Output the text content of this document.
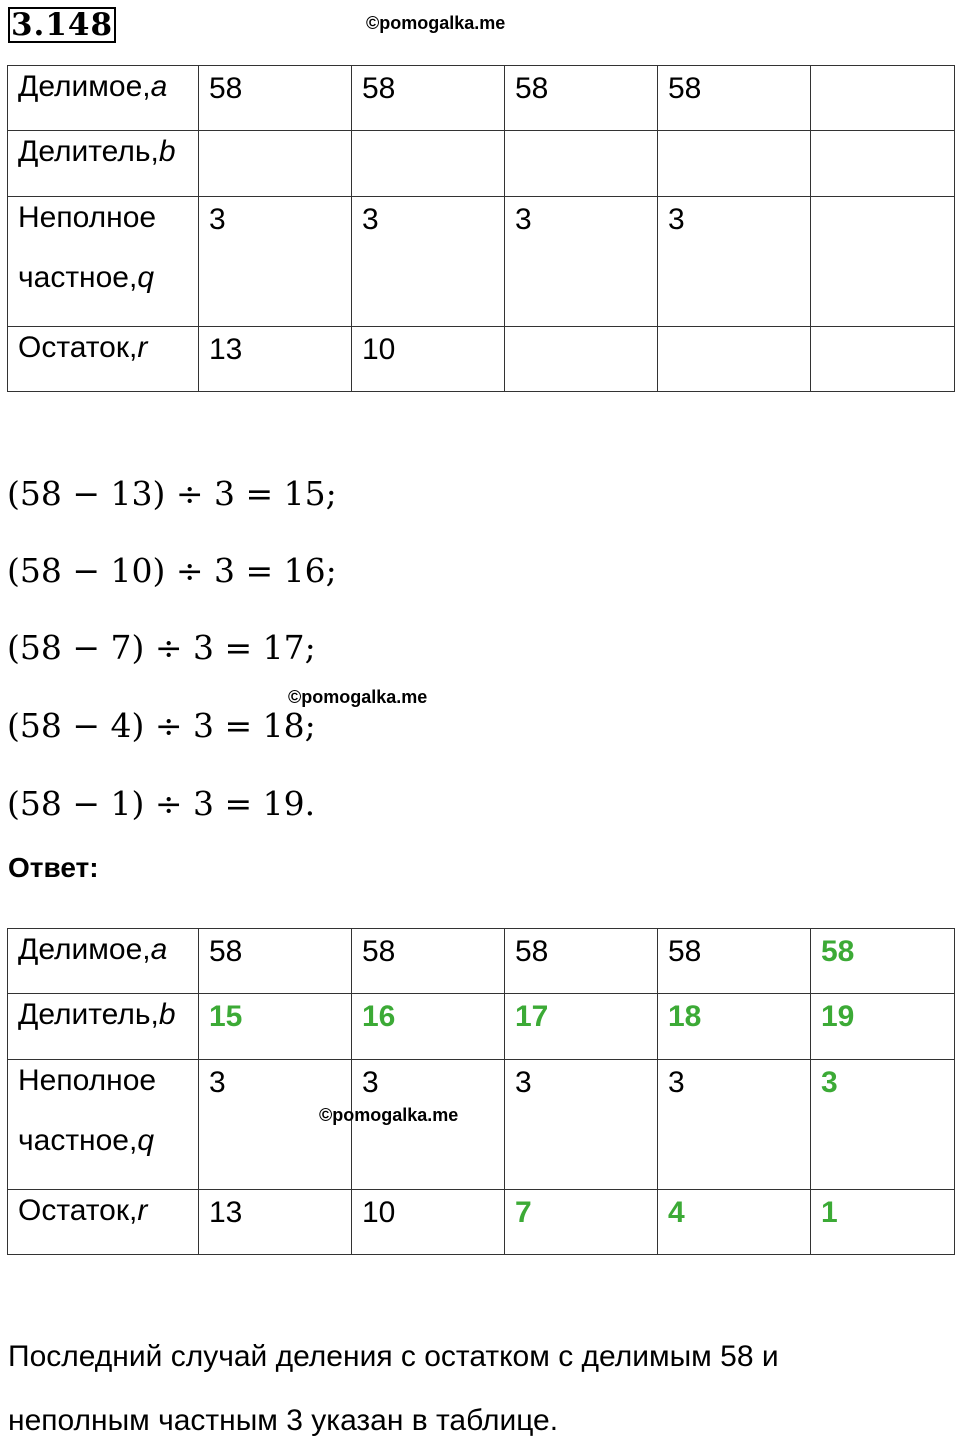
3.148	©pomogalka.me
Делимое,a	58	58	58	58	
Делитель,b					
Неполное
частное,q	3	3	3	3	
Остаток,r	13	10			
(58 − 13) ÷ 3 = 15;
(58 − 10) ÷ 3 = 16;
(58 − 7) ÷ 3 = 17;
©pomogalka.me
(58 − 4) ÷ 3 = 18;
(58 − 1) ÷ 3 = 19.
Ответ:
Делимое,a	58	58	58	58	58
Делитель,b	15	16	17	18	19
Неполное
частное,q	3	3	3	3	3
Остаток,r	13	10	7	4	1
©pomogalka.me
Последний случай деления с остатком с делимым 58 и
неполным частным 3 указан в таблице.
